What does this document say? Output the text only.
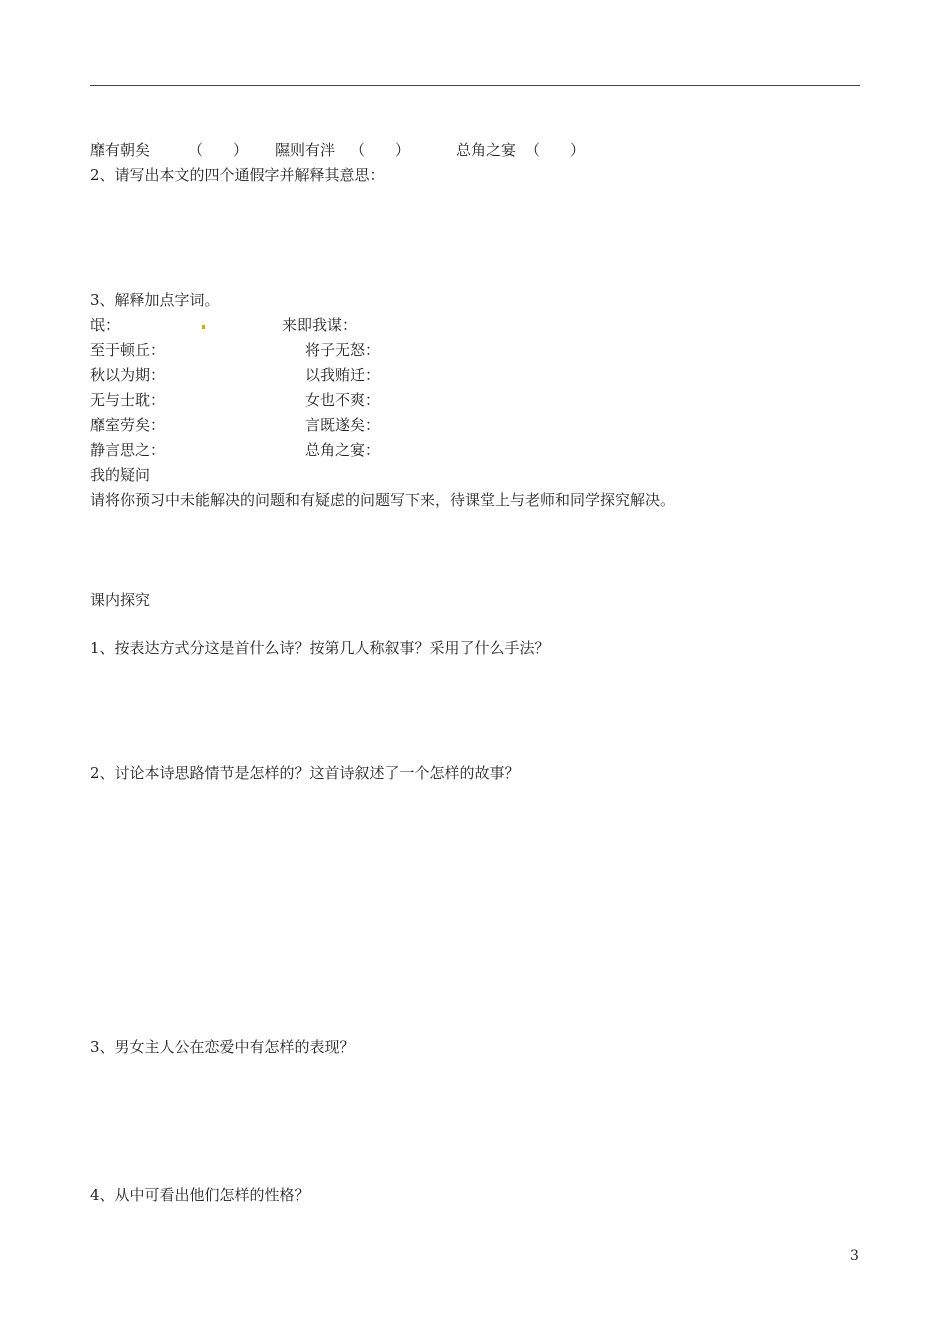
靡有朝矣	（　　） 隰则有泮 （　　）	总角之宴 （　　）
2、请写出本文的四个通假字并解释其意思：
3、解释加点字词。
氓：	来即我谋：
至于顿丘：	将子无怒：
秋以为期：	以我贿迁：
无与士耽：	女也不爽：
靡室劳矣：	言既遂矣：
静言思之：	总角之宴：
我的疑问
请将你预习中未能解决的问题和有疑虑的问题写下来，待课堂上与老师和同学探究解决。
课内探究
1、按表达方式分这是首什么诗？按第几人称叙事？采用了什么手法？
2、讨论本诗思路情节是怎样的？这首诗叙述了一个怎样的故事？
3、男女主人公在恋爱中有怎样的表现？
4、从中可看出他们怎样的性格？
3
